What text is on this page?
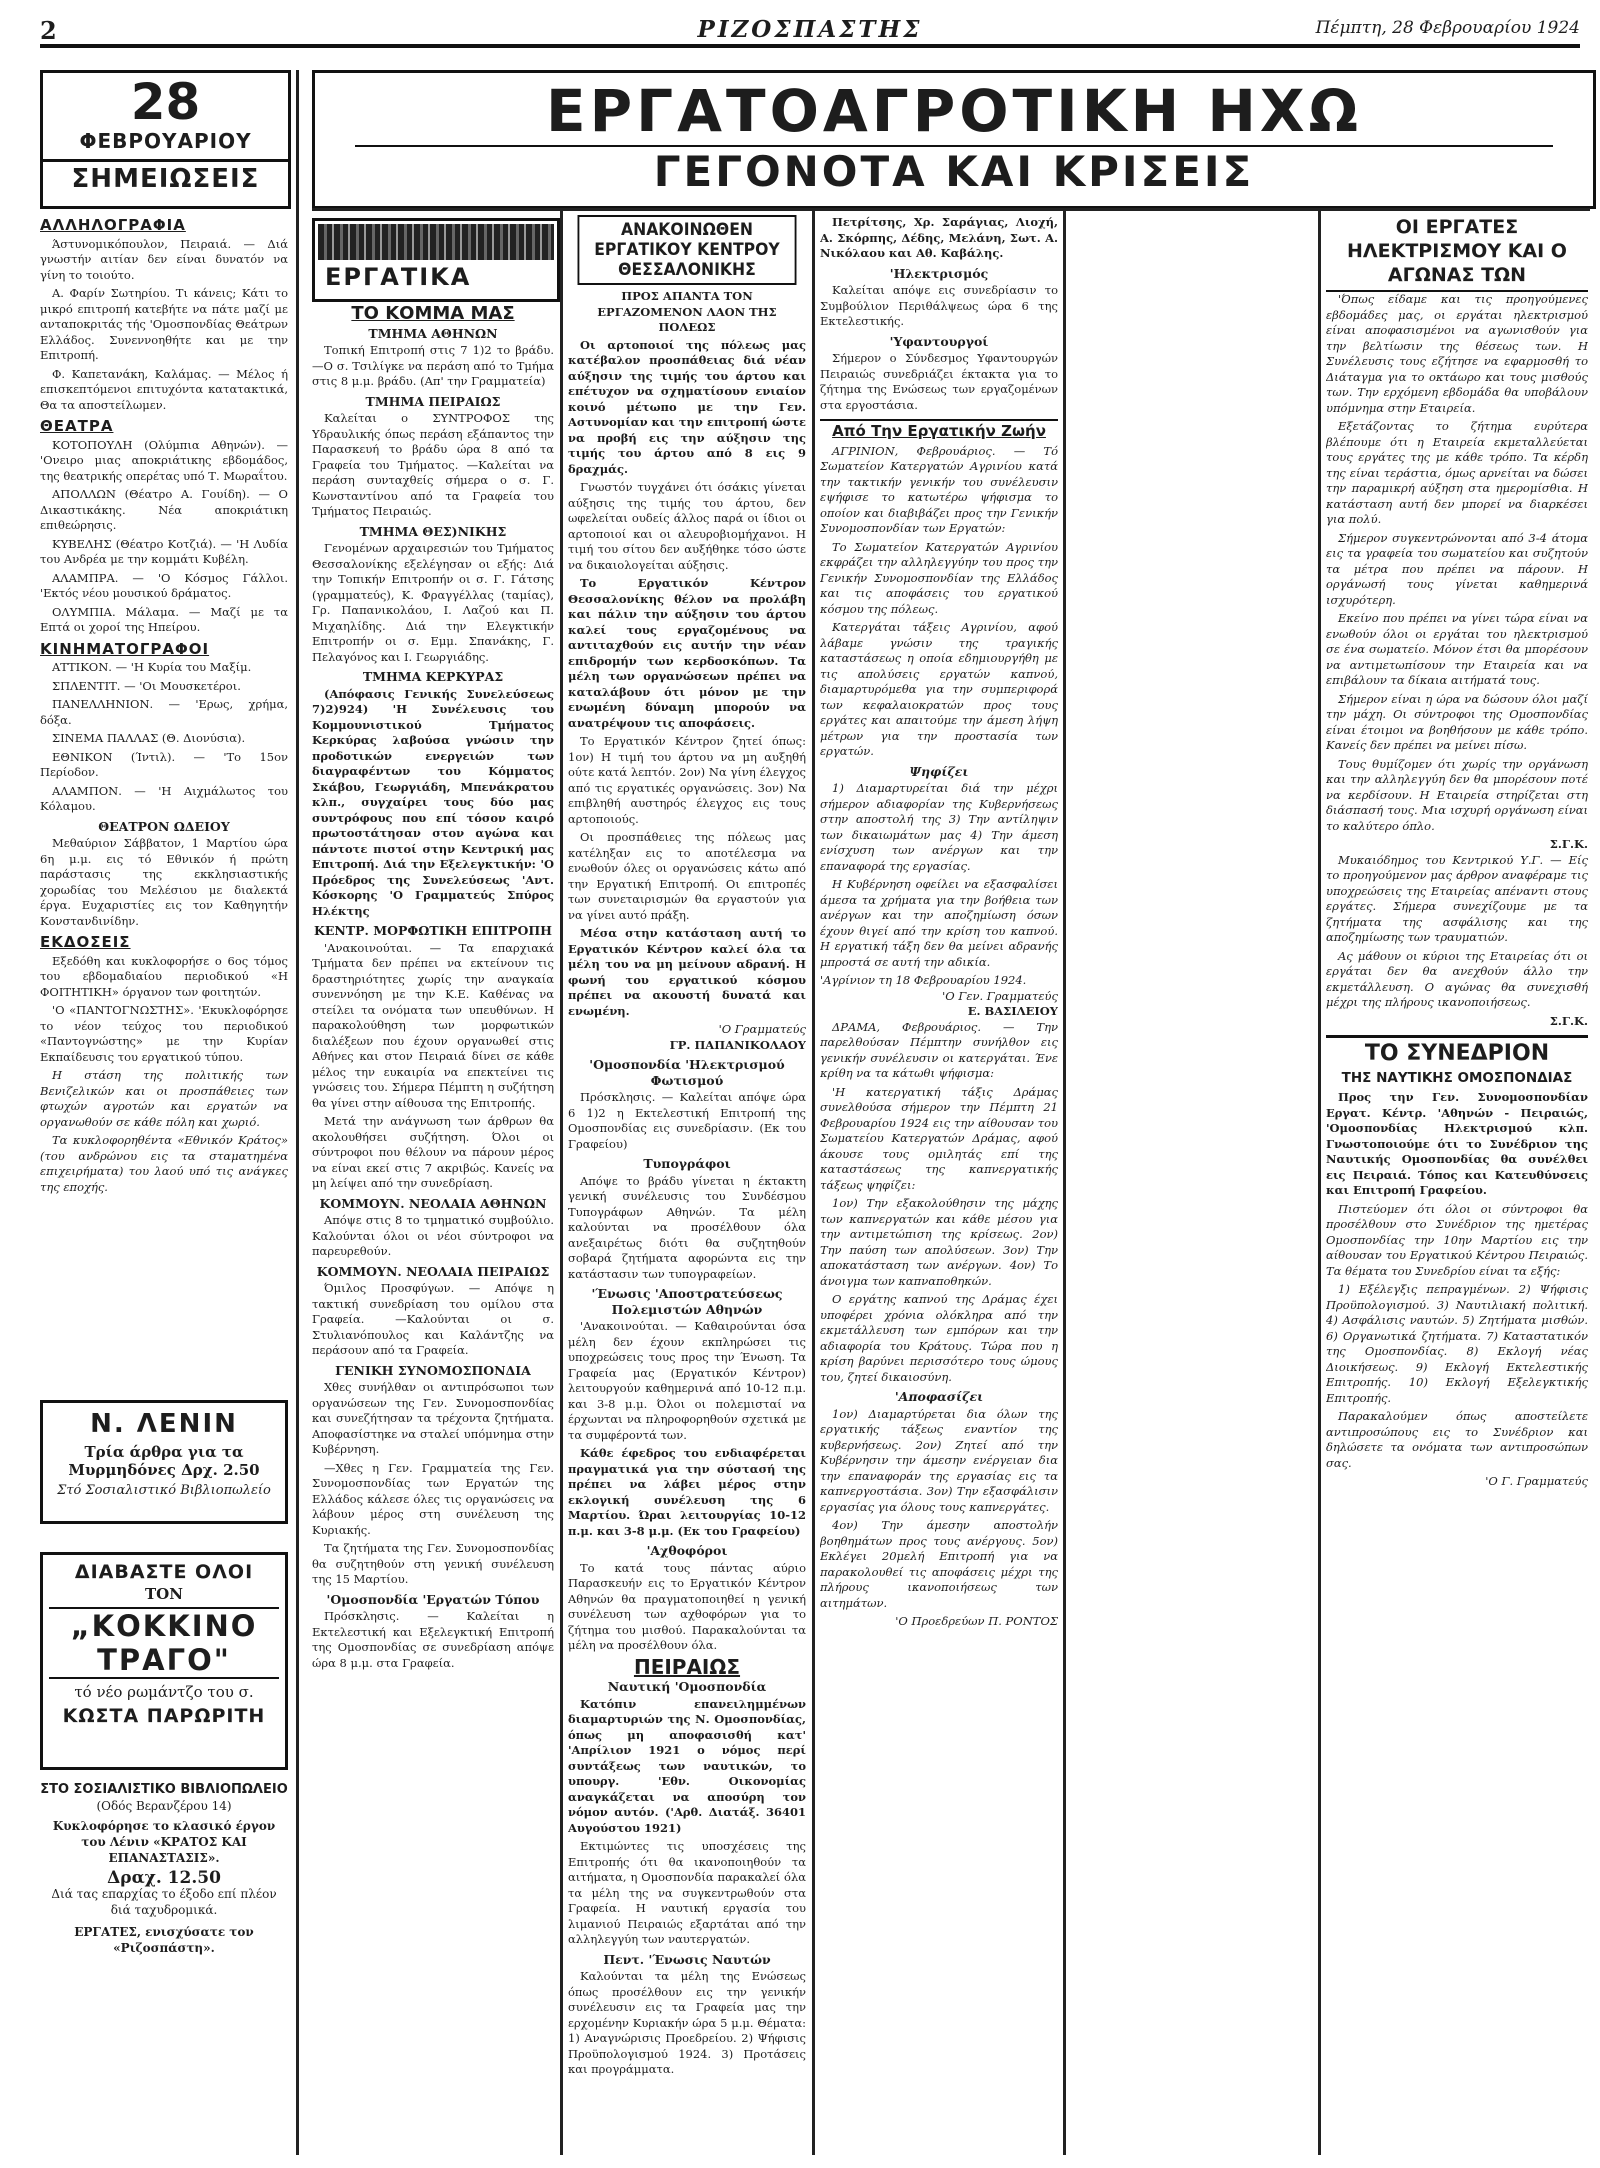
2	ΡΙΖΟΣΠΑΣΤΗΣ	Πέμπτη, 28 Φεβρουαρίου 1924
28
ΦΕΒΡΟΥΑΡΙΟΥ
ΣΗΜΕΙΩΣΕΙΣ
ΕΡΓΑΤΟΑΓΡΟΤΙΚΗ ΗΧΩ
ΓΕΓΟΝΟΤΑ ΚΑΙ ΚΡΙΣΕΙΣ
ΑΛΛΗΛΟΓΡΑΦΙΑ

Άστυνομικόπουλον, Πειραιά. — Διά γνωστήν αιτίαν δεν είναι δυνατόν να γίνη το τοιούτο.

Α. Φαρίν Σωτηρίου. Τι κάνεις; Κάτι το μικρό επιτροπή κατεβήτε να πάτε μαζί με ανταποκριτάς τής 'Ομοσπονδίας Θεάτρων Ελλάδος. Συνεννοηθήτε και με την Επιτροπή.

Φ. Καπετανάκη, Καλάμας. — Μέλος ή επισκεπτόμενοι επιτυχόντα κατατακτικά, Θα τα αποστείλωμεν.

ΘΕΑΤΡΑ

ΚΟΤΟΠΟΥΛΗ (Ολύμπια Αθηνών). — 'Ονειρο μιας αποκριάτικης εβδομάδος, της θεατρικής οπερέτας υπό Τ. Μωραΐτου.

ΑΠΟΛΛΩΝ (Θέατρο Α. Γουίδη). — Ο Δικαστικάκης. Νέα αποκριάτικη επιθεώρησις.

ΚΥΒΕΛΗΣ (Θέατρο Κοτζιά). — 'Η Λυδία του Ανδρέα με την κομμάτι Κυβέλη.

ΑΛΑΜΠΡΑ. — 'Ο Κόσμος Γάλλοι. 'Εκτός νέου μουσικού δράματος.

ΟΛΥΜΠΙΑ. Μάλαμα. — Μαζί με τα Επτά οι χοροί της Ηπείρου.

ΚΙΝΗΜΑΤΟΓΡΑΦΟΙ

ΑΤΤΙΚΟΝ. — 'Η Κυρία του Μαξίμ.

ΣΠΛΕΝΤΙΤ. — 'Οι Μουσκετέροι.

ΠΑΝΕΛΛΗΝΙΟΝ. — 'Ερως, χρήμα, δόξα.

ΣΙΝΕΜΑ ΠΑΛΛΑΣ (Θ. Διονύσια).

ΕΘΝΙΚΟΝ (Ίντιλ). — 'Το 15ον Περίοδον.

ΑΛΑΜΠΟΝ. — 'Η Αιχμάλωτος του Κόλαμου.

ΘΕΑΤΡΟΝ ΩΔΕΙΟΥ

Μεθαύριον Σάββατον, 1 Μαρτίου ώρα 6η μ.μ. εις τό Εθνικόν ή πρώτη παράστασις της εκκλησιαστικής χορωδίας του Μελέσιου με διαλεκτά έργα. Ευχαριστίες εις τον Καθηγητήν Κονστανδινίδην.

ΕΚΔΟΣΕΙΣ

Εξεδόθη και κυκλοφορήσε ο 6ος τόμος του εβδομαδιαίου περιοδικού «Η ΦΟΙΤΗΤΙΚΗ» όργανον των φοιτητών.

'Ο «ΠΑΝΤΟΓΝΩΣΤΗΣ». 'Εκυκλοφόρησε το νέον τεύχος του περιοδικού «Παντογνώστης» με την Κυρίαν Εκπαίδευσις του εργατικού τύπου.

Η στάση της πολιτικής των Βενιζελικών και οι προσπάθειες των φτωχών αγροτών και εργατών να οργανωθούν σε κάθε πόλη και χωριό.

Τα κυκλοφορηθέντα «Εθνικόν Κράτος» (του ανδρώνου εις τα σταματημένα επιχειρήματα) του λαού υπό τις ανάγκες της εποχής.

Ν. ΛΕΝΙΝ
Τρία άρθρα για τα Μυρμηδόνες Δρχ. 2.50
Στό Σοσιαλιστικό Βιβλιοπωλείο
ΔΙΑΒΑΣΤΕ ΟΛΟΙ
ΤΟΝ
„ΚΟΚΚΙΝΟ ΤΡΑΓΟ"
τό νέο ρωμάντζο του σ.
ΚΩΣΤΑ ΠΑΡΩΡΙΤΗ
ΣΤΟ ΣΟΣΙΑΛΙΣΤΙΚΟ ΒΙΒΛΙΟΠΩΛΕΙΟ
(Οδός Βερανζέρου 14)
Κυκλοφόρησε το κλασικό έργον του Λένιν «ΚΡΑΤΟΣ ΚΑΙ ΕΠΑΝΑΣΤΑΣΙΣ».
Δραχ. 12.50
Διά τας επαρχίας το έξοδο επί πλέον διά ταχυδρομικά.
ΕΡΓΑΤΕΣ, ενισχύσατε τον «Ριζοσπάστη».
ΕΡΓΑΤΙΚΑ
ΤΟ ΚΟΜΜΑ ΜΑΣ
ΤΜΗΜΑ ΑΘΗΝΩΝ

Τοπική Επιτροπή στις 7 1)2 το βράδυ. —Ο σ. Τσιλίγκε να περάση από το Τμήμα στις 8 μ.μ. βράδυ. (Απ' την Γραμματεία)

ΤΜΗΜΑ ΠΕΙΡΑΙΩΣ

Καλείται ο ΣΥΝΤΡΟΦΟΣ της Υδραυλικής όπως περάση εξάπαντος την Παρασκευή το βράδυ ώρα 8 από τα Γραφεία του Τμήματος. —Καλείται να περάση συνταχθείς σήμερα ο σ. Γ. Κωνσταντίνου από τα Γραφεία του Τμήματος Πειραιώς.

ΤΜΗΜΑ ΘΕΣ)ΝΙΚΗΣ

Γενομένων αρχαιρεσιών του Τμήματος Θεσσαλονίκης εξελέγησαν οι εξής: Διά την Τοπικήν Επιτροπήν οι σ. Γ. Γάτσης (γραμματεύς), Κ. Φραγγέλλας (ταμίας), Γρ. Παπανικολάου, Ι. Λαζού και Π. Μιχαηλίδης. Διά την Ελεγκτικήν Επιτροπήν οι σ. Εμμ. Σπανάκης, Γ. Πελαγόνος και Ι. Γεωργιάδης.

ΤΜΗΜΑ ΚΕΡΚΥΡΑΣ

(Απόφασις Γενικής Συνελεύσεως 7)2)924) 'Η Συνέλευσις του Κομμουνιστικού Τμήματος Κερκύρας λαβούσα γνώσιν την προδοτικών ενεργειών των διαγραφέντων του Κόμματος Σκάβου, Γεωργιάδη, Μπενάκρατου κλπ., συγχαίρει τους δύο μας συντρόφους που επί τόσον καιρό πρωτοστάτησαν στον αγώνα και πάντοτε πιστοί στην Κεντρική μας Επιτροπή. Διά την Εξελεγκτικήν: 'Ο Πρόεδρος της Συνελεύσεως 'Αντ. Κόσκορης 'Ο Γραμματεύς Σπύρος Ηλέκτης

ΚΕΝΤΡ. ΜΟΡΦΩΤΙΚΗ ΕΠΙΤΡΟΠΗ

'Ανακοινούται. — Τα επαρχιακά Τμήματα δεν πρέπει να εκτείνουν τις δραστηριότητες χωρίς την αναγκαία συνεννόηση με την Κ.Ε. Καθένας να στείλει τα ονόματα των υπευθύνων. Η παρακολούθηση των μορφωτικών διαλέξεων που έχουν οργανωθεί στις Αθήνες και στον Πειραιά δίνει σε κάθε μέλος την ευκαιρία να επεκτείνει τις γνώσεις του. Σήμερα Πέμπτη η συζήτηση θα γίνει στην αίθουσα της Επιτροπής.

Μετά την ανάγνωση των άρθρων θα ακολουθήσει συζήτηση. Όλοι οι σύντροφοι που θέλουν να πάρουν μέρος να είναι εκεί στις 7 ακριβώς. Κανείς να μη λείψει από την συνεδρίαση.

ΚΟΜΜΟΥΝ. ΝΕΟΛΑΙΑ ΑΘΗΝΩΝ

Απόψε στις 8 το τμηματικό συμβούλιο. Καλούνται όλοι οι νέοι σύντροφοι να παρευρεθούν.

ΚΟΜΜΟΥΝ. ΝΕΟΛΑΙΑ ΠΕΙΡΑΙΩΣ

Όμιλος Προσφύγων. — Απόψε η τακτική συνεδρίαση του ομίλου στα Γραφεία. —Καλούνται οι σ. Στυλιανόπουλος και Καλάντζης να περάσουν από τα Γραφεία.

ΓΕΝΙΚΗ ΣΥΝΟΜΟΣΠΟΝΔΙΑ

Χθες συνήλθαν οι αντιπρόσωποι των οργανώσεων της Γεν. Συνομοσπονδίας και συνεζήτησαν τα τρέχοντα ζητήματα. Αποφασίστηκε να σταλεί υπόμνημα στην Κυβέρνηση.

—Χθες η Γεν. Γραμματεία της Γεν. Συνομοσπονδίας των Εργατών της Ελλάδος κάλεσε όλες τις οργανώσεις να λάβουν μέρος στη συνέλευση της Κυριακής.

Τα ζητήματα της Γεν. Συνομοσπονδίας θα συζητηθούν στη γενική συνέλευση της 15 Μαρτίου.

'Ομοσπονδία 'Εργατών Τύπου

Πρόσκλησις. — Καλείται η Εκτελεστική και Εξελεγκτική Επιτροπή της Ομοσπονδίας σε συνεδρίαση απόψε ώρα 8 μ.μ. στα Γραφεία.

ΑΝΑΚΟΙΝΩΘΕΝ ΕΡΓΑΤΙΚΟΥ ΚΕΝΤΡΟΥ ΘΕΣΣΑΛΟΝΙΚΗΣ
ΠΡΟΣ ΑΠΑΝΤΑ ΤΟΝ ΕΡΓΑΖΟΜΕΝΟΝ ΛΑΟΝ ΤΗΣ ΠΟΛΕΩΣ

Οι αρτοποιοί της πόλεως μας κατέβαλον προσπάθειας διά νέαν αύξησιν της τιμής του άρτου και επέτυχον να σχηματίσουν ενιαίον κοινό μέτωπο με την Γεν. Αστυνομίαν και την επιτροπή ώστε να προβή εις την αύξησιν της τιμής του άρτου από 8 εις 9 δραχμάς.

Γνωστόν τυγχάνει ότι όσάκις γίνεται αύξησις της τιμής του άρτου, δεν ωφελείται ουδείς άλλος παρά οι ίδιοι οι αρτοποιοί και οι αλευροβιομήχανοι. Η τιμή του σίτου δεν αυξήθηκε τόσο ώστε να δικαιολογείται αύξησις.

Το Εργατικόν Κέντρον Θεσσαλονίκης θέλον να προλάβη και πάλιν την αύξησιν του άρτου καλεί τους εργαζομένους να αντιταχθούν εις αυτήν την νέαν επιδρομήν των κερδοσκόπων. Τα μέλη των οργανώσεων πρέπει να καταλάβουν ότι μόνον με την ενωμένη δύναμη μπορούν να ανατρέψουν τις αποφάσεις.

Το Εργατικόν Κέντρον ζητεί όπως: 1ον) Η τιμή του άρτου να μη αυξηθή ούτε κατά λεπτόν. 2ον) Να γίνη έλεγχος από τις εργατικές οργανώσεις. 3ον) Να επιβληθή αυστηρός έλεγχος εις τους αρτοποιούς.

Οι προσπάθειες της πόλεως μας κατέληξαν εις το αποτέλεσμα να ενωθούν όλες οι οργανώσεις κάτω από την Εργατική Επιτροπή. Οι επιτροπές των συνεταιρισμών θα εργαστούν για να γίνει αυτό πράξη.

Μέσα στην κατάσταση αυτή το Εργατικόν Κέντρον καλεί όλα τα μέλη του να μη μείνουν αδρανή. Η φωνή του εργατικού κόσμου πρέπει να ακουστή δυνατά και ενωμένη.

'Ο Γραμματεύς
ΓΡ. ΠΑΠΑΝΙΚΟΛΑΟΥ
'Ομοσπονδία 'Ηλεκτρισμού Φωτισμού

Πρόσκλησις. — Καλείται απόψε ώρα 6 1)2 η Εκτελεστική Επιτροπή της Ομοσπονδίας εις συνεδρίασιν. (Εκ του Γραφείου)

Τυπογράφοι

Απόψε το βράδυ γίνεται η έκτακτη γενική συνέλευσις του Συνδέσμου Τυπογράφων Αθηνών. Τα μέλη καλούνται να προσέλθουν όλα ανεξαιρέτως διότι θα συζητηθούν σοβαρά ζητήματα αφορώντα εις την κατάστασιν των τυπογραφείων.

'Ένωσις 'Αποστρατεύσεως Πολεμιστών Αθηνών

'Ανακοινούται. — Καθαιρούνται όσα μέλη δεν έχουν εκπληρώσει τις υποχρεώσεις τους προς την Ένωση. Τα Γραφεία μας (Εργατικόν Κέντρον) λειτουργούν καθημερινά από 10-12 π.μ. και 3-8 μ.μ. Όλοι οι πολεμισταί να έρχωνται να πληροφορηθούν σχετικά με τα συμφέροντά των.

Κάθε έφεδρος του ενδιαφέρεται πραγματικά για την σύστασή της πρέπει να λάβει μέρος στην εκλογική συνέλευση της 6 Μαρτίου. Ώραι λειτουργίας 10-12 π.μ. και 3-8 μ.μ. (Εκ του Γραφείου)

'Αχθοφόροι

Το κατά τους πάντας αύριο Παρασκευήν εις το Εργατικόν Κέντρον Αθηνών θα πραγματοποιηθεί η γενική συνέλευση των αχθοφόρων για το ζήτημα του μισθού. Παρακαλούνται τα μέλη να προσέλθουν όλα.

ΠΕΙΡΑΙΩΣ
Ναυτική 'Ομοσπονδία

Κατόπιν επανειλημμένων διαμαρτυριών της Ν. Ομοσπονδίας, όπως μη αποφασισθή κατ' 'Απρίλιον 1921 ο νόμος περί συντάξεως των ναυτικών, το υπουργ. 'Εθν. Οικονομίας αναγκάζεται να αποσύρη τον νόμον αυτόν. ('Αρθ. Διατάξ. 36401 Αυγούστου 1921)

Εκτιμώντες τις υποσχέσεις της Επιτροπής ότι θα ικανοποιηθούν τα αιτήματα, η Ομοσπονδία παρακαλεί όλα τα μέλη της να συγκεντρωθούν στα Γραφεία. Η ναυτική εργασία του λιμανιού Πειραιώς εξαρτάται από την αλληλεγγύη των ναυτεργατών.

Πεντ. 'Ένωσις Ναυτών

Καλούνται τα μέλη της Ενώσεως όπως προσέλθουν εις την γενικήν συνέλευσιν εις τα Γραφεία μας την ερχομένην Κυριακήν ώρα 5 μ.μ. Θέματα: 1) Αναγνώρισις Προεδρείου. 2) Ψήφισις Προϋπολογισμού 1924. 3) Προτάσεις και προγράμματα.

Πετρίτσης, Χρ. Σαράγιας, Λιοχή, Α. Σκόρπης, Δέδης, Μελάνη, Σωτ. Α. Νικόλαου και Αθ. Καβάλης.

'Ηλεκτρισμός

Καλείται απόψε εις συνεδρίασιν το Συμβούλιον Περιθάλψεως ώρα 6 της Εκτελεστικής.

'Υφαντουργοί

Σήμερον ο Σύνδεσμος Υφαντουργών Πειραιώς συνεδριάζει έκτακτα για το ζήτημα της Ενώσεως των εργαζομένων στα εργοστάσια.

Από Την Εργατικήν Ζωήν

ΑΓΡΙΝΙΟΝ, Φεβρουάριος. — Τό Σωματείον Κατεργατών Αγρινίου κατά την τακτικήν γενικήν του συνέλευσιν εψήφισε το κατωτέρω ψήφισμα το οποίον και διαβιβάζει προς την Γενικήν Συνομοσπονδίαν των Εργατών:

Το Σωματείον Κατεργατών Αγρινίου εκφράζει την αλληλεγγύην του προς την Γενικήν Συνομοσπονδίαν της Ελλάδος και τις αποφάσεις του εργατικού κόσμου της πόλεως.

Κατεργάται τάξεις Αγρινίου, αφού λάβαμε γνώσιν της τραγικής καταστάσεως η οποία εδημιουργήθη με τις απολύσεις εργατών καπνού, διαμαρτυρόμεθα για την συμπεριφορά των κεφαλαιοκρατών προς τους εργάτες και απαιτούμε την άμεση λήψη μέτρων για την προστασία των εργατών.

Ψηφίζει

1) Διαμαρτυρείται διά την μέχρι σήμερον αδιαφορίαν της Κυβερνήσεως στην αποστολή της 3) Την αντίληψιν των δικαιωμάτων μας 4) Την άμεση ενίσχυση των ανέργων και την επαναφορά της εργασίας.

Η Κυβέρνηση οφείλει να εξασφαλίσει άμεσα τα χρήματα για την βοήθεια των ανέργων και την αποζημίωση όσων έχουν θιγεί από την κρίση του καπνού. Η εργατική τάξη δεν θα μείνει αδρανής μπροστά σε αυτή την αδικία.

'Αγρίνιον τη 18 Φεβρουαρίου 1924.
'Ο Γεν. Γραμματεύς
Ε. ΒΑΣΙΛΕΙΟΥ

ΔΡΑΜΑ, Φεβρουάριος. — Την παρελθούσαν Πέμπτην συνήλθον εις γενικήν συνέλευσιν οι κατεργάται. Ένε κρίθη να τα κάτωθι ψήφισμα:

'Η κατεργατική τάξις Δράμας συνελθούσα σήμερον την Πέμπτη 21 Φεβρουαρίου 1924 εις την αίθουσαν του Σωματείου Κατεργατών Δράμας, αφού άκουσε τους ομιλητάς επί της καταστάσεως της καπνεργατικής τάξεως ψηφίζει:

1ον) Την εξακολούθησιν της μάχης των καπνεργατών και κάθε μέσου για την αντιμετώπιση της κρίσεως. 2ον) Την παύση των απολύσεων. 3ον) Την αποκατάσταση των ανέργων. 4ον) Το άνοιγμα των καπναποθηκών.

Ο εργάτης καπνού της Δράμας έχει υποφέρει χρόνια ολόκληρα από την εκμετάλλευση των εμπόρων και την αδιαφορία του Κράτους. Τώρα που η κρίση βαρύνει περισσότερο τους ώμους του, ζητεί δικαιοσύνη.

'Αποφασίζει

1ον) Διαμαρτύρεται δια όλων της εργατικής τάξεως εναντίον της κυβερνήσεως. 2ον) Ζητεί από την Κυβέρνησιν την άμεσην ενέργειαν δια την επαναφοράν της εργασίας εις τα καπνεργοστάσια. 3ον) Την εξασφάλισιν εργασίας για όλους τους καπνεργάτες.

4ον) Την άμεσην αποστολήν βοηθημάτων προς τους ανέργους. 5ον) Εκλέγει 20μελή Επιτροπή για να παρακολουθεί τις αποφάσεις μέχρι της πλήρους ικανοποιήσεως των αιτημάτων.

'Ο Προεδρεύων Π. ΡΟΝΤΟΣ
ΟΙ ΕΡΓΑΤΕΣ ΗΛΕΚΤΡΙΣΜΟΥ ΚΑΙ Ο ΑΓΩΝΑΣ ΤΩΝ

'Όπως είδαμε και τις προηγούμενες εβδομάδες μας, οι εργάται ηλεκτρισμού είναι αποφασισμένοι να αγωνισθούν για την βελτίωσιν της θέσεως των. Η Συνέλευσις τους εζήτησε να εφαρμοσθή το Διάταγμα για το οκτάωρο και τους μισθούς των. Την ερχόμενη εβδομάδα θα υποβάλουν υπόμνημα στην Εταιρεία.

Εξετάζοντας το ζήτημα ευρύτερα βλέπουμε ότι η Εταιρεία εκμεταλλεύεται τους εργάτες της με κάθε τρόπο. Τα κέρδη της είναι τεράστια, όμως αρνείται να δώσει την παραμικρή αύξηση στα ημερομίσθια. Η κατάσταση αυτή δεν μπορεί να διαρκέσει για πολύ.

Σήμερον συγκεντρώνονται από 3-4 άτομα εις τα γραφεία του σωματείου και συζητούν τα μέτρα που πρέπει να πάρουν. Η οργάνωσή τους γίνεται καθημερινά ισχυρότερη.

Εκείνο που πρέπει να γίνει τώρα είναι να ενωθούν όλοι οι εργάται του ηλεκτρισμού σε ένα σωματείο. Μόνον έτσι θα μπορέσουν να αντιμετωπίσουν την Εταιρεία και να επιβάλουν τα δίκαια αιτήματά τους.

Σήμερον είναι η ώρα να δώσουν όλοι μαζί την μάχη. Οι σύντροφοι της Ομοσπονδίας είναι έτοιμοι να βοηθήσουν με κάθε τρόπο. Κανείς δεν πρέπει να μείνει πίσω.

Τους θυμίζομεν ότι χωρίς την οργάνωση και την αλληλεγγύη δεν θα μπορέσουν ποτέ να κερδίσουν. Η Εταιρεία στηρίζεται στη διάσπασή τους. Μια ισχυρή οργάνωση είναι το καλύτερο όπλο.

Σ.Γ.Κ.

Μυκαιόδημος του Κεντρικού Υ.Γ. — Είς το προηγούμενον μας άρθρον αναφέραμε τις υποχρεώσεις της Εταιρείας απέναντι στους εργάτες. Σήμερα συνεχίζουμε με τα ζητήματα της ασφάλισης και της αποζημίωσης των τραυματιών.

Ας μάθουν οι κύριοι της Εταιρείας ότι οι εργάται δεν θα ανεχθούν άλλο την εκμετάλλευση. Ο αγώνας θα συνεχισθή μέχρι της πλήρους ικανοποιήσεως.

Σ.Γ.Κ.
ΤΟ ΣΥΝΕΔΡΙΟΝ
ΤΗΣ ΝΑΥΤΙΚΗΣ ΟΜΟΣΠΟΝΔΙΑΣ

Προς την Γεν. Συνομοσπονδίαν Εργατ. Κέντρ. 'Αθηνών - Πειραιώς, 'Ομοσπονδίας Ηλεκτρισμού κλπ. Γνωστοποιούμε ότι το Συνέδριον της Ναυτικής Ομοσπονδίας θα συνέλθει εις Πειραιά. Τόπος και Κατευθύνσεις και Επιτροπή Γραφείου.

Πιστεύομεν ότι όλοι οι σύντροφοι θα προσέλθουν στο Συνέδριον της ημετέρας Ομοσπονδίας την 10ην Μαρτίου εις την αίθουσαν του Εργατικού Κέντρου Πειραιώς. Τα θέματα του Συνεδρίου είναι τα εξής:

1) Εξέλεγξις πεπραγμένων. 2) Ψήφισις Προϋπολογισμού. 3) Ναυτιλιακή πολιτική. 4) Ασφάλισις ναυτών. 5) Ζητήματα μισθών. 6) Οργανωτικά ζητήματα. 7) Καταστατικόν της Ομοσπονδίας. 8) Εκλογή νέας Διοικήσεως. 9) Εκλογή Εκτελεστικής Επιτροπής. 10) Εκλογή Εξελεγκτικής Επιτροπής.

Παρακαλούμεν όπως αποστείλετε αντιπροσώπους εις το Συνέδριον και δηλώσετε τα ονόματα των αντιπροσώπων σας.

'Ο Γ. Γραμματεύς
